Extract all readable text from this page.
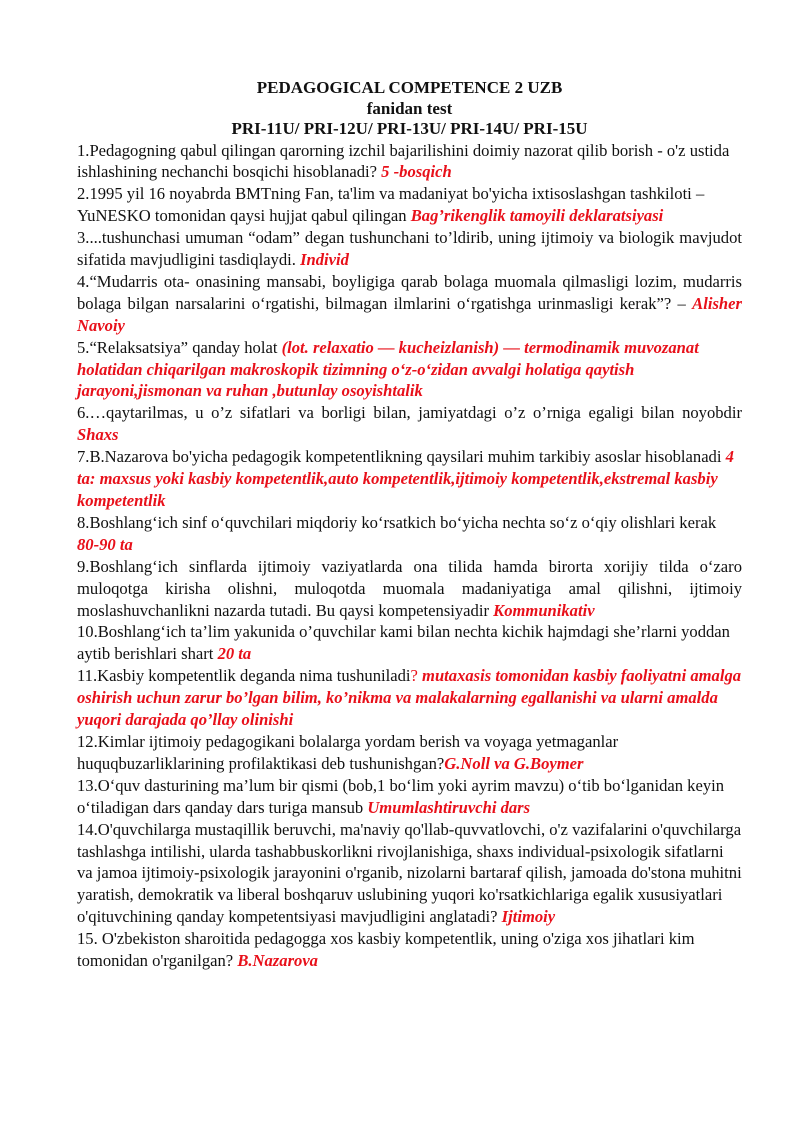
PEDAGOGICAL COMPETENCE 2 UZB
fanidan test
PRI-11U/ PRI-12U/ PRI-13U/ PRI-14U/ PRI-15U

1.Pedagogning qabul qilingan qarorning izchil bajarilishini doimiy nazorat qilib borish - o'z ustida ishlashining nechanchi bosqichi hisoblanadi? 5 -bosqich

2.1995 yil 16 noyabrda BMTning Fan, ta'lim va madaniyat bo'yicha ixtisoslashgan tashkiloti – YuNESKO tomonidan qaysi hujjat qabul qilingan Bag’rikenglik tamoyili deklaratsiyasi

3....tushunchasi umuman “odam” degan tushunchani to’ldirib, uning ijtimoiy va biologik mavjudot sifatida mavjudligini tasdiqlaydi. Individ

4.“Mudarris ota- onasining mansabi, boyligiga qarab bolaga muomala qilmasligi lozim, mudarris bolaga bilgan narsalarini o‘rgatishi, bilmagan ilmlarini o‘rgatishga urinmasligi kerak”? – Alisher Navoiy

5.“Relaksatsiya” qanday holat (lot. relaxatio — kucheizlanish) — termodinamik muvozanat holatidan chiqarilgan makroskopik tizimning o‘z-o‘zidan avvalgi holatiga qaytish jarayoni,jismonan va ruhan ,butunlay osoyishtalik

6.…qaytarilmas, u o’z sifatlari va borligi bilan, jamiyatdagi o’z o’rniga egaligi bilan noyobdir Shaxs

7.B.Nazarova bo'yicha pedagogik kompetentlikning qaysilari muhim tarkibiy asoslar hisoblanadi 4 ta: maxsus yoki kasbiy kompetentlik,auto kompetentlik,ijtimoiy kompetentlik,ekstremal kasbiy kompetentlik

8.Boshlang‘ich sinf o‘quvchilari miqdoriy ko‘rsatkich bo‘yicha nechta so‘z o‘qiy olishlari kerak 80-90 ta

9.Boshlang‘ich sinflarda ijtimoiy vaziyatlarda ona tilida hamda birorta xorijiy tilda o‘zaro muloqotga kirisha olishni, muloqotda muomala madaniyatiga amal qilishni, ijtimoiy moslashuvchanlikni nazarda tutadi. Bu qaysi kompetensiyadir Kommunikativ

10.Boshlang‘ich ta’lim yakunida o’quvchilar kami bilan nechta kichik hajmdagi she’rlarni yoddan aytib berishlari shart 20 ta

11.Kasbiy kompetentlik deganda nima tushuniladi? mutaxasis tomonidan kasbiy faoliyatni amalga oshirish uchun zarur bo’lgan bilim, ko’nikma va malakalarning egallanishi va ularni amalda yuqori darajada qo’llay olinishi

12.Kimlar ijtimoiy pedagogikani bolalarga yordam berish va voyaga yetmaganlar huquqbuzarliklarining profilaktikasi deb tushunishgan?G.Noll va G.Boymer

13.O‘quv dasturining ma’lum bir qismi (bob,1 bo‘lim yoki ayrim mavzu) o‘tib bo‘lganidan keyin o‘tiladigan dars qanday dars turiga mansub Umumlashtiruvchi dars

14.O'quvchilarga mustaqillik beruvchi, ma'naviy qo'llab-quvvatlovchi, o'z vazifalarini o'quvchilarga tashlashga intilishi, ularda tashabbuskorlikni rivojlanishiga, shaxs individual-psixologik sifatlarni va jamoa ijtimoiy-psixologik jarayonini o'rganib, nizolarni bartaraf qilish, jamoada do'stona muhitni yaratish, demokratik va liberal boshqaruv uslubining yuqori ko'rsatkichlariga egalik xususiyatlari o'qituvchining qanday kompetentsiyasi mavjudligini anglatadi? Ijtimoiy

15. O'zbekiston sharoitida pedagogga xos kasbiy kompetentlik, uning o'ziga xos jihatlari kim tomonidan o'rganilgan? B.Nazarova
